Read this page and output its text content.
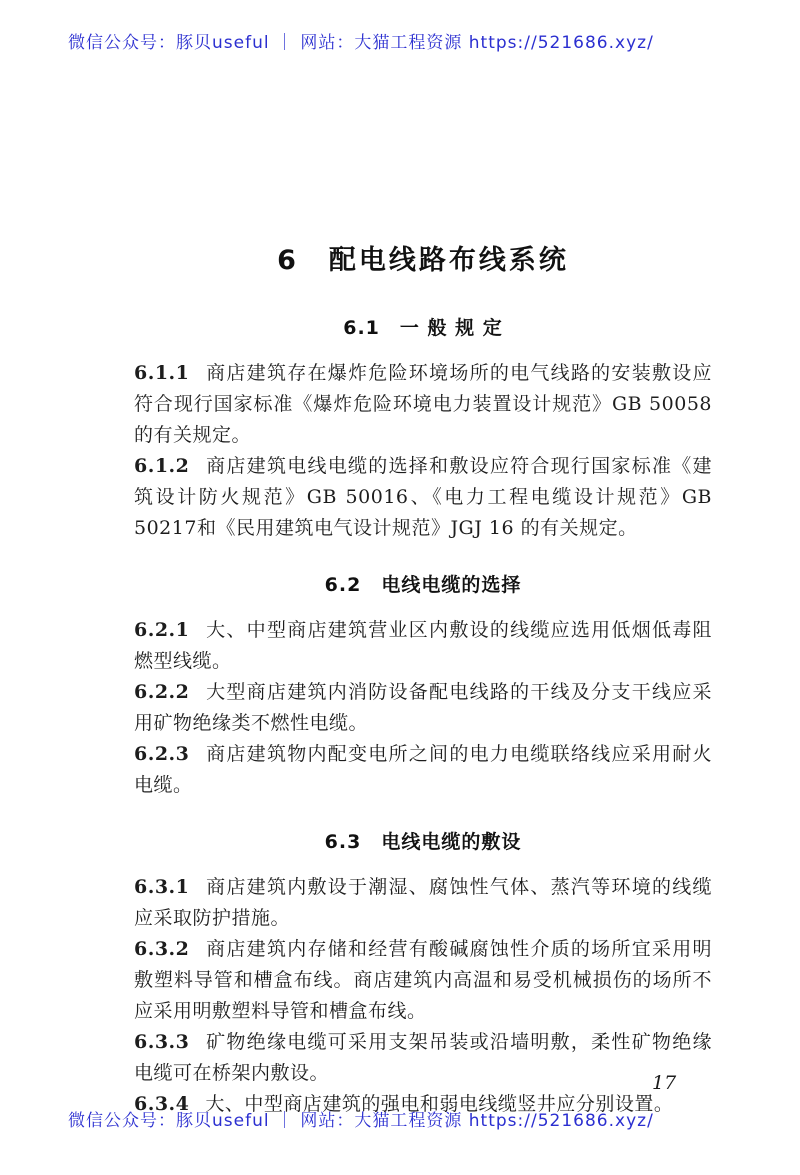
微信公众号：豚贝useful ｜ 网站：大猫工程资源 https://521686.xyz/
6　配电线路布线系统
6.1　一 般 规 定

6.1.1 商店建筑存在爆炸危险环境场所的电气线路的安装敷设应符合现行国家标准《爆炸危险环境电力装置设计规范》GB 50058的有关规定。

6.1.2 商店建筑电线电缆的选择和敷设应符合现行国家标准《建筑设计防火规范》GB 50016、《电力工程电缆设计规范》GB 50217和《民用建筑电气设计规范》JGJ 16 的有关规定。

6.2　电线电缆的选择

6.2.1 大、中型商店建筑营业区内敷设的线缆应选用低烟低毒阻燃型线缆。

6.2.2 大型商店建筑内消防设备配电线路的干线及分支干线应采用矿物绝缘类不燃性电缆。

6.2.3 商店建筑物内配变电所之间的电力电缆联络线应采用耐火电缆。

6.3　电线电缆的敷设

6.3.1 商店建筑内敷设于潮湿、腐蚀性气体、蒸汽等环境的线缆应采取防护措施。

6.3.2 商店建筑内存储和经营有酸碱腐蚀性介质的场所宜采用明敷塑料导管和槽盒布线。商店建筑内高温和易受机械损伤的场所不应采用明敷塑料导管和槽盒布线。

6.3.3 矿物绝缘电缆可采用支架吊装或沿墙明敷，柔性矿物绝缘电缆可在桥架内敷设。

6.3.4 大、中型商店建筑的强电和弱电线缆竖井应分别设置。

17
微信公众号：豚贝useful ｜ 网站：大猫工程资源 https://521686.xyz/
